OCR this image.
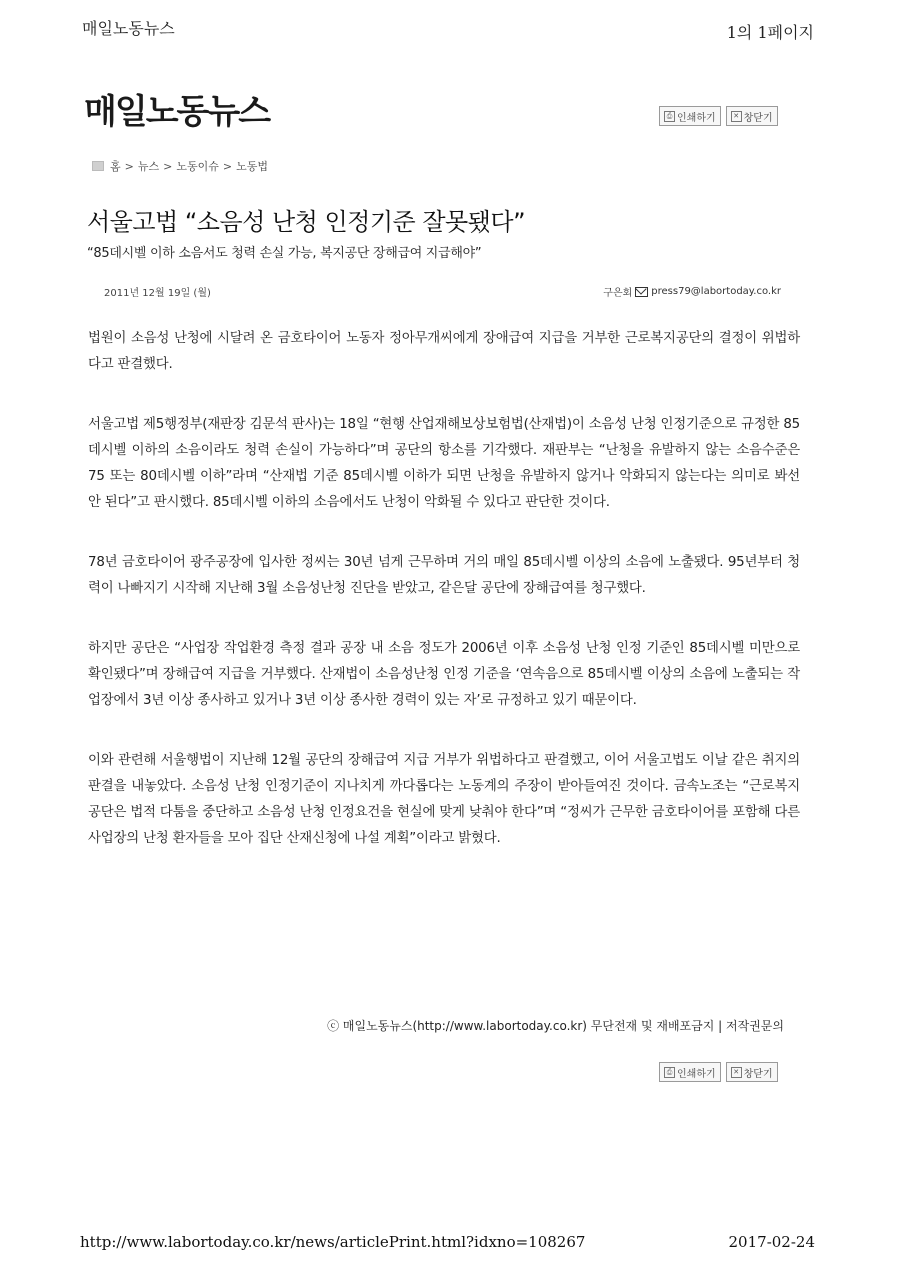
매일노동뉴스	1의 1페이지
매일노동뉴스	⎙ 인쇄하기	✕ 창닫기
홈 > 뉴스 > 노동이슈 > 노동법
서울고법 “소음성 난청 인정기준 잘못됐다”
“85데시벨 이하 소음서도 청력 손실 가능, 복지공단 장해급여 지급해야”
2011년 12월 19일 (월)	구은회 press79@labortoday.co.kr

법원이 소음성 난청에 시달려 온 금호타이어 노동자 정아무개씨에게 장애급여 지급을 거부한 근로복지공단의 결정이 위법하다고 판결했다.

서울고법 제5행정부(재판장 김문석 판사)는 18일 “현행 산업재해보상보험법(산재법)이 소음성 난청 인정기준으로 규정한 85데시벨 이하의 소음이라도 청력 손실이 가능하다”며 공단의 항소를 기각했다. 재판부는 “난청을 유발하지 않는 소음수준은 75 또는 80데시벨 이하”라며 “산재법 기준 85데시벨 이하가 되면 난청을 유발하지 않거나 악화되지 않는다는 의미로 봐선 안 된다”고 판시했다. 85데시벨 이하의 소음에서도 난청이 악화될 수 있다고 판단한 것이다.

78년 금호타이어 광주공장에 입사한 정씨는 30년 넘게 근무하며 거의 매일 85데시벨 이상의 소음에 노출됐다. 95년부터 청력이 나빠지기 시작해 지난해 3월 소음성난청 진단을 받았고, 같은달 공단에 장해급여를 청구했다.

하지만 공단은 “사업장 작업환경 측정 결과 공장 내 소음 정도가 2006년 이후 소음성 난청 인정 기준인 85데시벨 미만으로 확인됐다”며 장해급여 지급을 거부했다. 산재법이 소음성난청 인정 기준을 ‘연속음으로 85데시벨 이상의 소음에 노출되는 작업장에서 3년 이상 종사하고 있거나 3년 이상 종사한 경력이 있는 자’로 규정하고 있기 때문이다.

이와 관련해 서울행법이 지난해 12월 공단의 장해급여 지급 거부가 위법하다고 판결했고, 이어 서울고법도 이날 같은 취지의 판결을 내놓았다. 소음성 난청 인정기준이 지나치게 까다롭다는 노동계의 주장이 받아들여진 것이다. 금속노조는 “근로복지공단은 법적 다툼을 중단하고 소음성 난청 인정요건을 현실에 맞게 낮춰야 한다”며 “정씨가 근무한 금호타이어를 포함해 다른 사업장의 난청 환자들을 모아 집단 산재신청에 나설 계획”이라고 밝혔다.

ⓒ 매일노동뉴스(http://www.labortoday.co.kr) 무단전재 및 재배포금지 | 저작권문의
⎙ 인쇄하기	✕ 창닫기
http://www.labortoday.co.kr/news/articlePrint.html?idxno=108267	2017-02-24
